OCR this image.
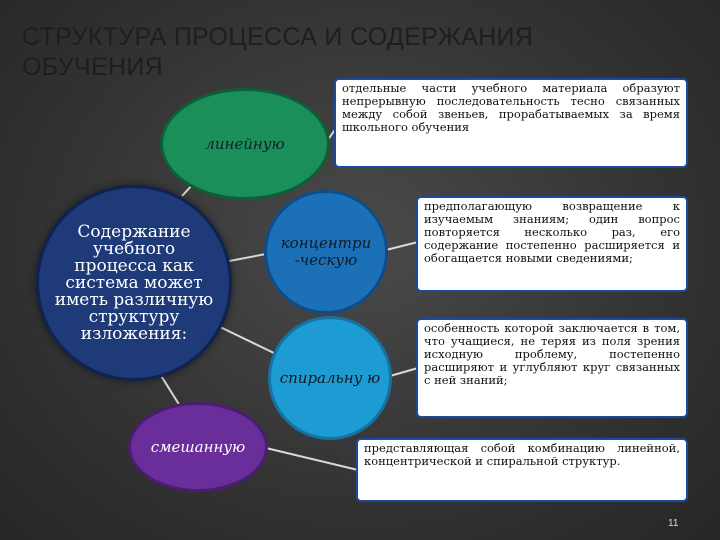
СТРУКТУРА ПРОЦЕССА И СОДЕРЖАНИЯ ОБУЧЕНИЯ
линейную
Содержание учебного процесса как система может иметь различную структуру изложения:
концентри -ческую
спиральну ю
смешанную
отдельные части учебного материала образуют непрерывную последовательность тесно связанных между собой звеньев, прорабатываемых за время школьного обучения
предполагающую возвращение к изучаемым знаниям; один вопрос повторяется несколько раз, его содержание постепенно расширяется и обогащается новыми сведениями;
особенность которой заключается в том, что учащиеся, не теряя из поля зрения исходную проблему, постепенно расширяют и углубляют круг связанных с ней знаний;
представляющая собой комбинацию линейной, концентрической и спиральной структур.
11
